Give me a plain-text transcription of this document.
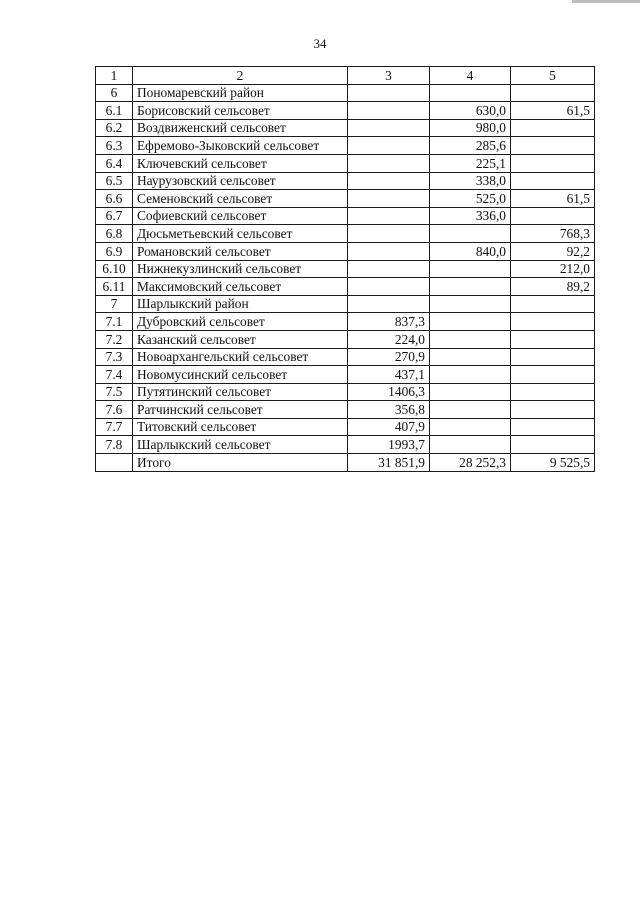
34
1	2	3	4	5
6	Пономаревский район			
6.1	Борисовский сельсовет		630,0	61,5
6.2	Воздвиженский сельсовет		980,0	
6.3	Ефремово-Зыковский сельсовет		285,6	
6.4	Ключевский сельсовет		225,1	
6.5	Наурузовский сельсовет		338,0	
6.6	Семеновский сельсовет		525,0	61,5
6.7	Софиевский сельсовет		336,0	
6.8	Дюсьметьевский сельсовет			768,3
6.9	Романовский сельсовет		840,0	92,2
6.10	Нижнекузлинский сельсовет			212,0
6.11	Максимовский сельсовет			89,2
7	Шарлыкский район			
7.1	Дубровский сельсовет	837,3		
7.2	Казанский сельсовет	224,0		
7.3	Новоархангельский сельсовет	270,9		
7.4	Новомусинский сельсовет	437,1		
7.5	Путятинский сельсовет	1406,3		
7.6	Ратчинский сельсовет	356,8		
7.7	Титовский сельсовет	407,9		
7.8	Шарлыкский сельсовет	1993,7		
	Итого	31 851,9	28 252,3	9 525,5
